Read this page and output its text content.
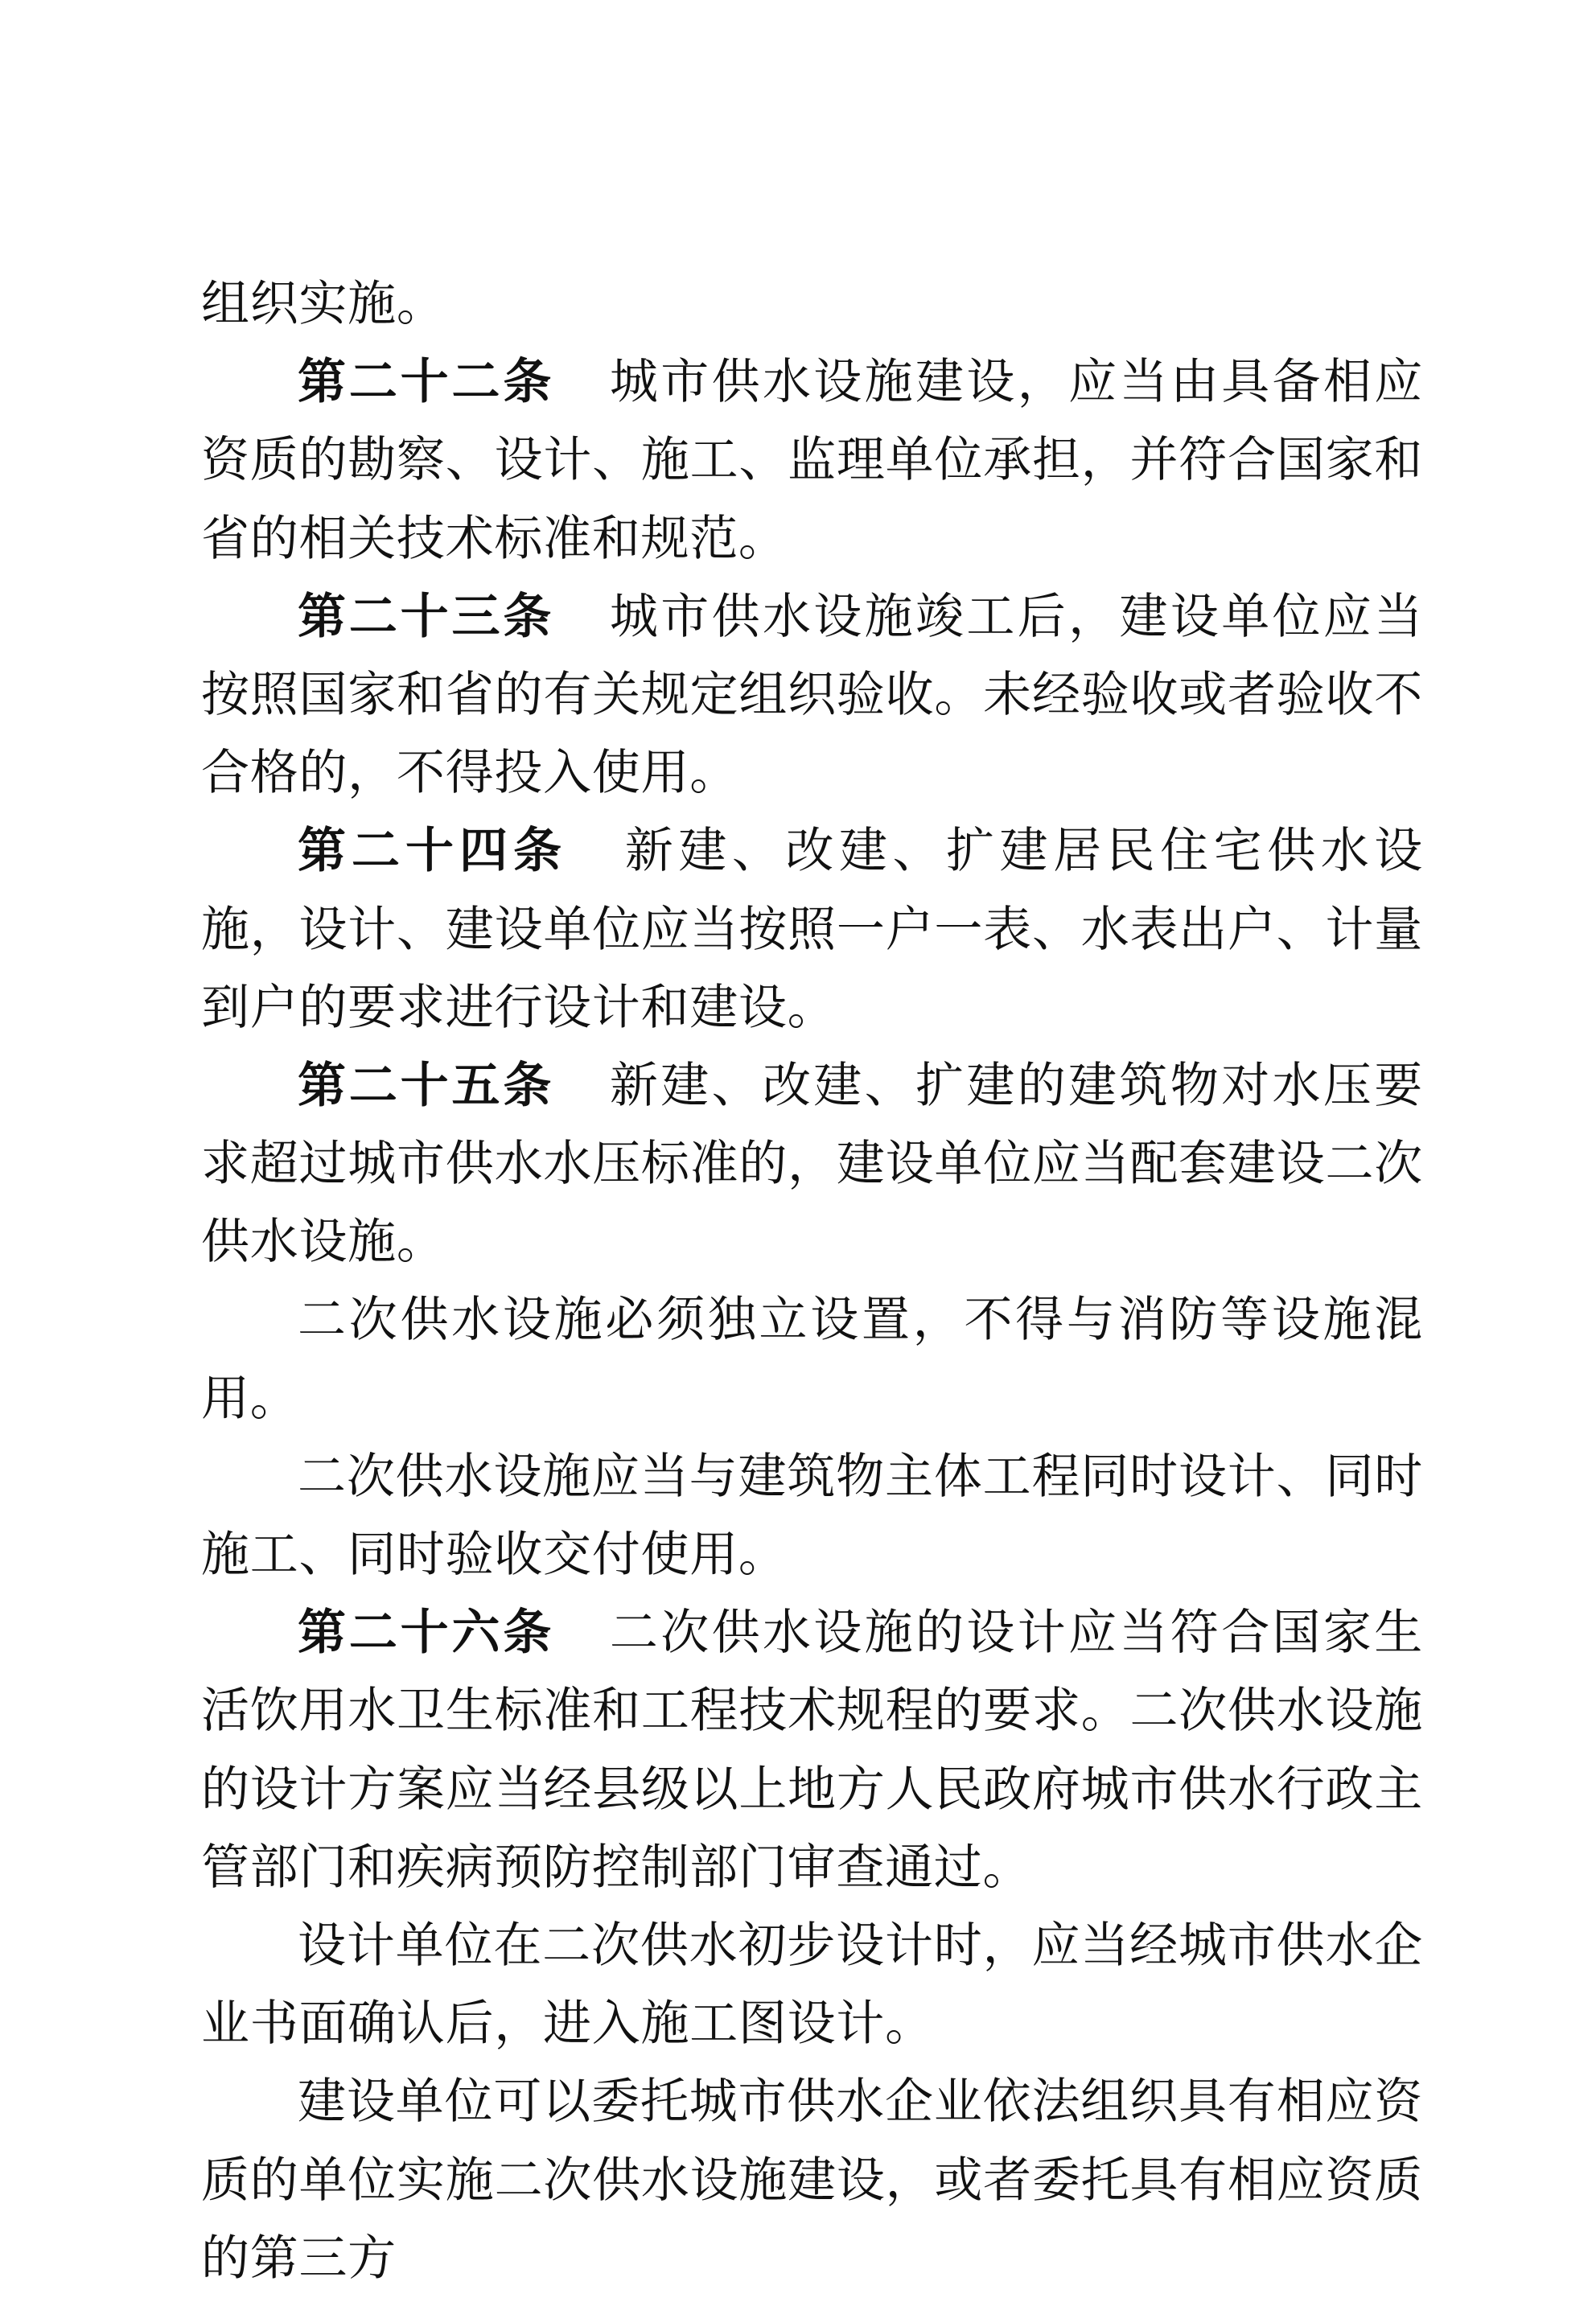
组织实施。

第二十二条 城市供水设施建设，应当由具备相应资质的勘察、设计、施工、监理单位承担，并符合国家和省的相关技术标准和规范。

第二十三条 城市供水设施竣工后，建设单位应当按照国家和省的有关规定组织验收。未经验收或者验收不合格的，不得投入使用。

第二十四条 新建、改建、扩建居民住宅供水设施，设计、建设单位应当按照一户一表、水表出户、计量到户的要求进行设计和建设。

第二十五条 新建、改建、扩建的建筑物对水压要求超过城市供水水压标准的，建设单位应当配套建设二次供水设施。

二次供水设施必须独立设置，不得与消防等设施混用。

二次供水设施应当与建筑物主体工程同时设计、同时施工、同时验收交付使用。

第二十六条 二次供水设施的设计应当符合国家生活饮用水卫生标准和工程技术规程的要求。二次供水设施的设计方案应当经县级以上地方人民政府城市供水行政主管部门和疾病预防控制部门审查通过。

设计单位在二次供水初步设计时，应当经城市供水企业书面确认后，进入施工图设计。

建设单位可以委托城市供水企业依法组织具有相应资质的单位实施二次供水设施建设，或者委托具有相应资质的第三方
